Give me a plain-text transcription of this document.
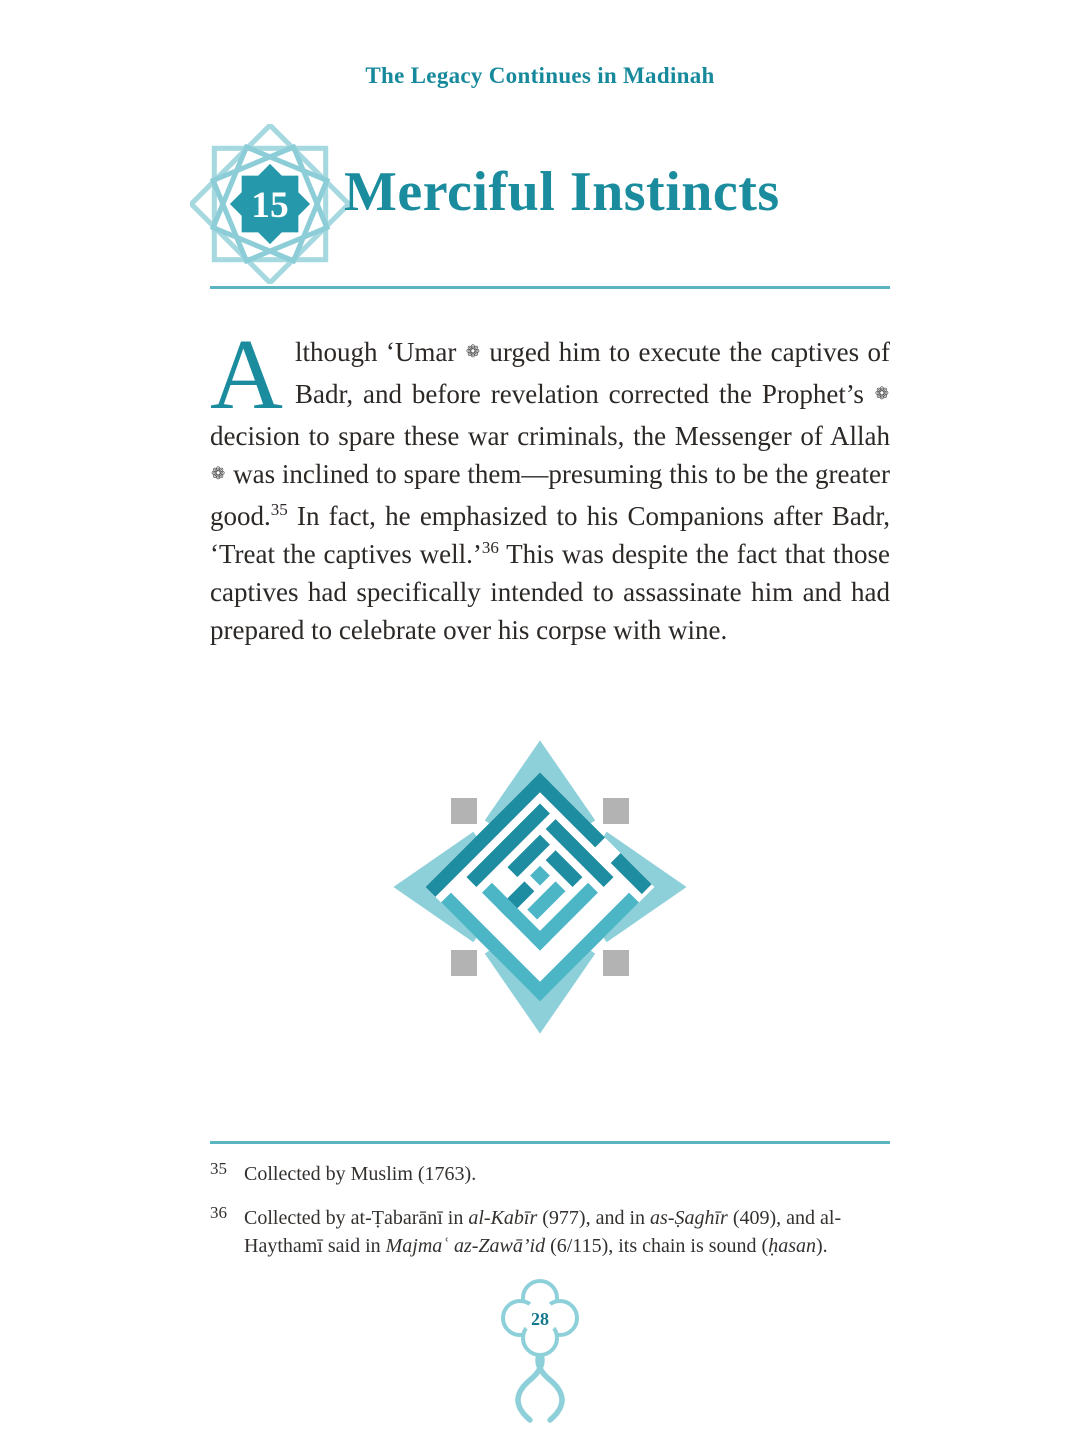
The Legacy Continues in Madinah
15 Merciful Instincts

Although ‘Umar ❁ urged him to execute the captives of Badr, and before revelation corrected the Prophet’s ❁ decision to spare these war criminals, the Messenger of Allah ❁ was inclined to spare them—presuming this to be the greater good.$^{35}$ In fact, he emphasized to his Companions after Badr, ‘Treat the captives well.’$^{36}$ This was despite the fact that those captives had specifically intended to assassinate him and had prepared to celebrate over his corpse with wine.

35 Collected by Muslim (1763).
36 Collected by at-Ṭabarānī in al-Kabīr (977), and in as-Ṣaghīr (409), and al-Haythamī said in Majmaʿ az-Zawā’id (6/115), its chain is sound (ḥasan).
28
